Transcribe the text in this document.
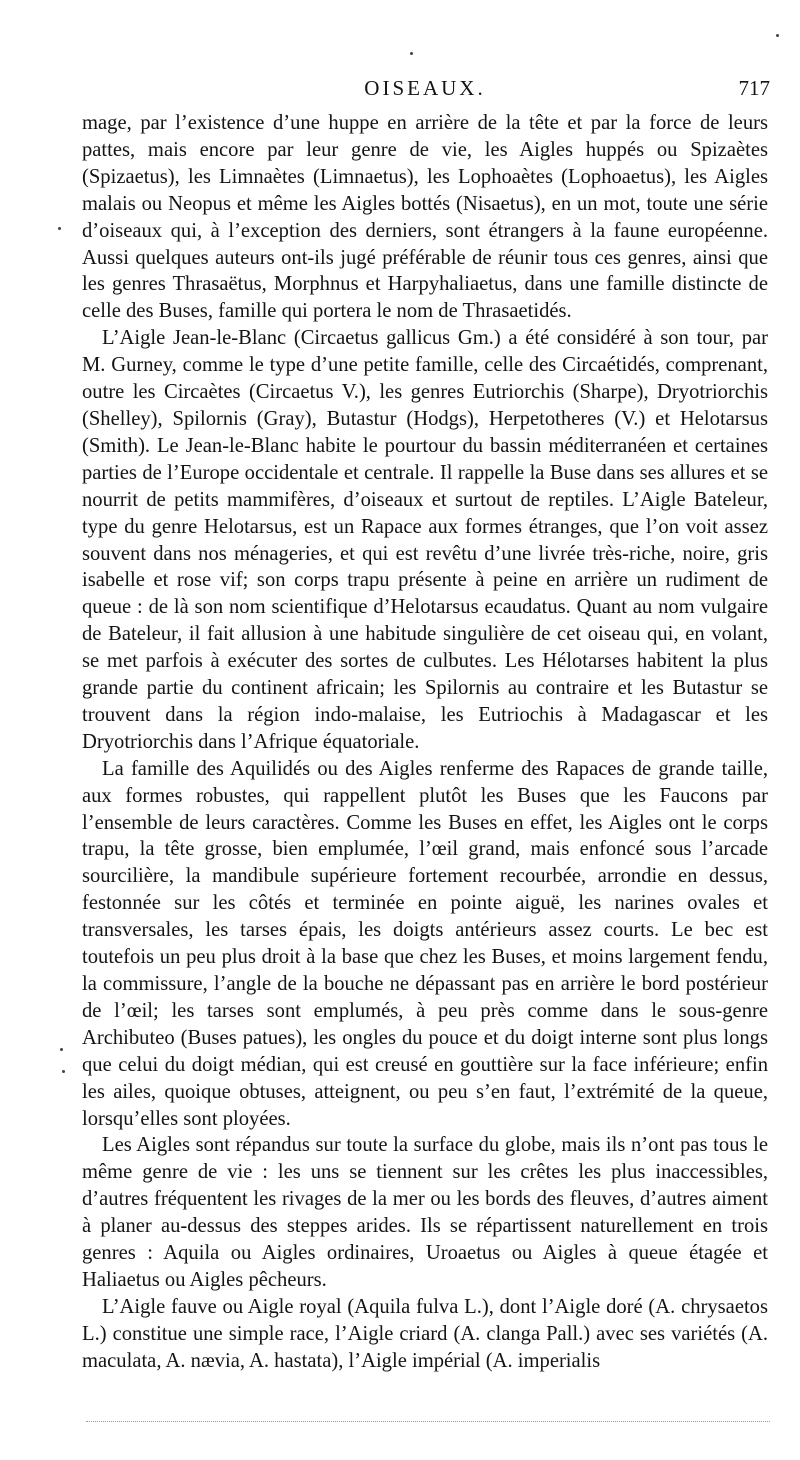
OISEAUX.	717

mage, par l’existence d’une huppe en arrière de la tête et par la force de leurs pattes, mais encore par leur genre de vie, les Aigles huppés ou Spizaètes (Spizaetus), les Limnaètes (Limnaetus), les Lophoaètes (Lophoaetus), les Aigles malais ou Neopus et même les Aigles bottés (Nisaetus), en un mot, toute une série d’oiseaux qui, à l’exception des derniers, sont étrangers à la faune européenne. Aussi quelques auteurs ont-ils jugé préférable de réunir tous ces genres, ainsi que les genres Thrasaëtus, Morphnus et Harpyhaliaetus, dans une famille distincte de celle des Buses, famille qui portera le nom de Thrasaetidés.

L’Aigle Jean-le-Blanc (Circaetus gallicus Gm.) a été considéré à son tour, par M. Gurney, comme le type d’une petite famille, celle des Circaétidés, comprenant, outre les Circaètes (Circaetus V.), les genres Eutriorchis (Sharpe), Dryotriorchis (Shelley), Spilornis (Gray), Butastur (Hodgs), Herpetotheres (V.) et Helotarsus (Smith). Le Jean-le-Blanc habite le pourtour du bassin méditerranéen et certaines parties de l’Europe occidentale et centrale. Il rappelle la Buse dans ses allures et se nourrit de petits mammifères, d’oiseaux et surtout de reptiles. L’Aigle Bateleur, type du genre Helotarsus, est un Rapace aux formes étranges, que l’on voit assez souvent dans nos ménageries, et qui est revêtu d’une livrée très-riche, noire, gris isabelle et rose vif; son corps trapu présente à peine en arrière un rudiment de queue : de là son nom scientifique d’Helotarsus ecaudatus. Quant au nom vulgaire de Bateleur, il fait allusion à une habitude singulière de cet oiseau qui, en volant, se met parfois à exécuter des sortes de culbutes. Les Hélotarses habitent la plus grande partie du continent africain; les Spilornis au contraire et les Butastur se trouvent dans la région indo-malaise, les Eutriochis à Madagascar et les Dryotriorchis dans l’Afrique équatoriale.

La famille des Aquilidés ou des Aigles renferme des Rapaces de grande taille, aux formes robustes, qui rappellent plutôt les Buses que les Faucons par l’ensemble de leurs caractères. Comme les Buses en effet, les Aigles ont le corps trapu, la tête grosse, bien emplumée, l’œil grand, mais enfoncé sous l’arcade sourcilière, la mandibule supérieure fortement recourbée, arrondie en dessus, festonnée sur les côtés et terminée en pointe aiguë, les narines ovales et transversales, les tarses épais, les doigts antérieurs assez courts. Le bec est toutefois un peu plus droit à la base que chez les Buses, et moins largement fendu, la commissure, l’angle de la bouche ne dépassant pas en arrière le bord postérieur de l’œil; les tarses sont emplumés, à peu près comme dans le sous-genre Archibuteo (Buses patues), les ongles du pouce et du doigt interne sont plus longs que celui du doigt médian, qui est creusé en gouttière sur la face inférieure; enfin les ailes, quoique obtuses, atteignent, ou peu s’en faut, l’extrémité de la queue, lorsqu’elles sont ployées.

Les Aigles sont répandus sur toute la surface du globe, mais ils n’ont pas tous le même genre de vie : les uns se tiennent sur les crêtes les plus inaccessibles, d’autres fréquentent les rivages de la mer ou les bords des fleuves, d’autres aiment à planer au-dessus des steppes arides. Ils se répartissent naturellement en trois genres : Aquila ou Aigles ordinaires, Uroaetus ou Aigles à queue étagée et Haliaetus ou Aigles pêcheurs.

L’Aigle fauve ou Aigle royal (Aquila fulva L.), dont l’Aigle doré (A. chrysaetos L.) constitue une simple race, l’Aigle criard (A. clanga Pall.) avec ses variétés (A. maculata, A. nævia, A. hastata), l’Aigle impérial (A. imperialis
